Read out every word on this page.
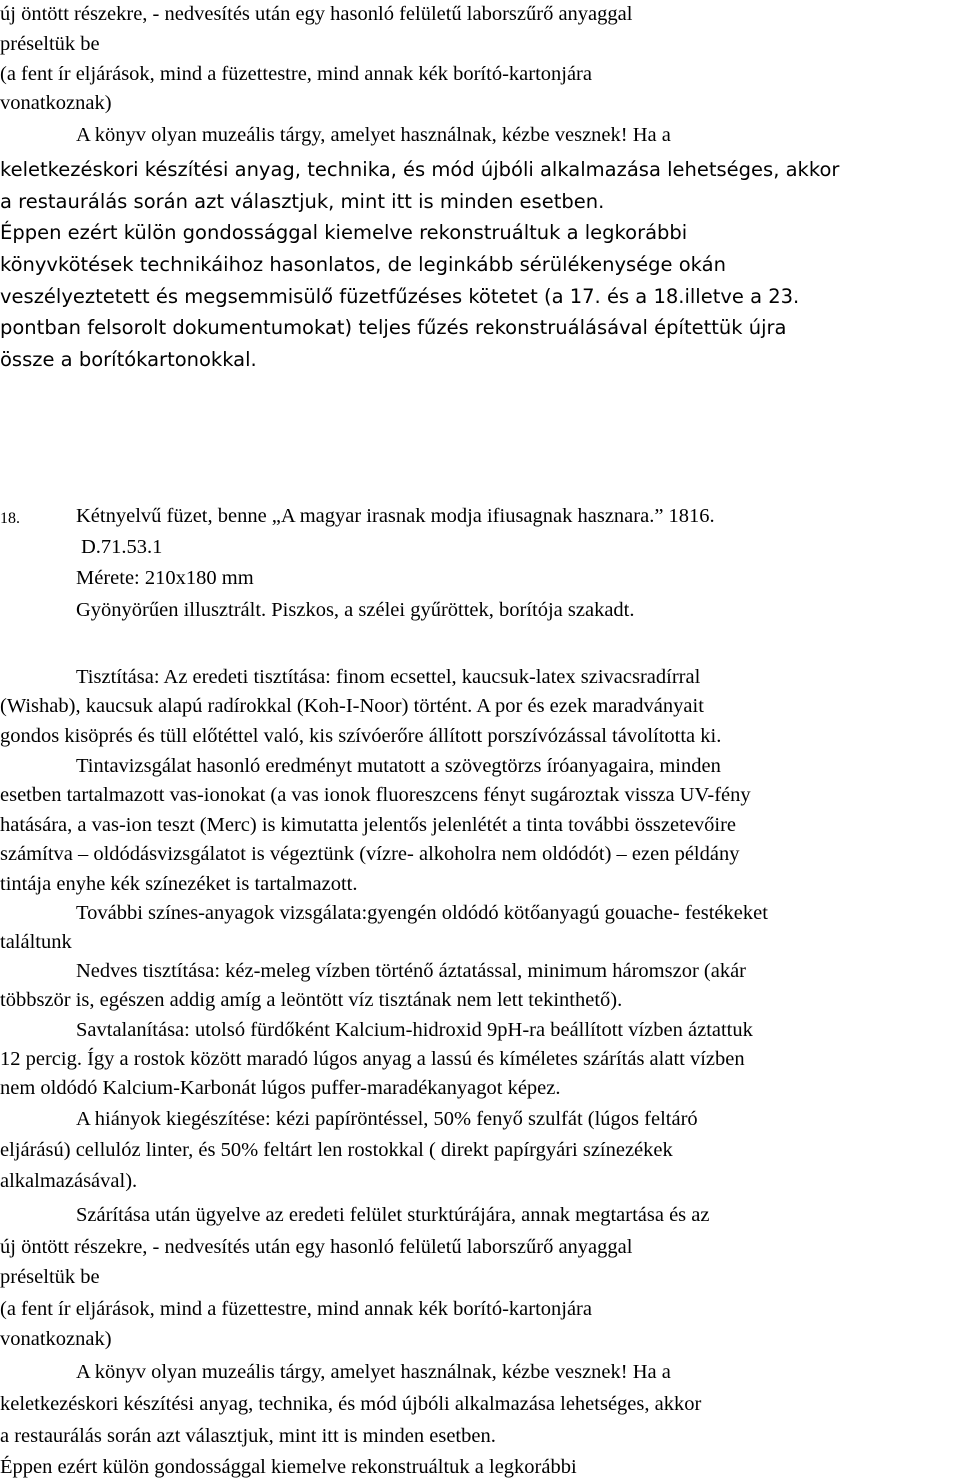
új öntött részekre, - nedvesítés után egy hasonló felületű laborszűrő anyaggal

préseltük be

(a fent ír eljárások, mind a füzettestre, mind annak kék borító-kartonjára

vonatkoznak)

A könyv olyan muzeális tárgy, amelyet használnak, kézbe vesznek! Ha a

keletkezéskori készítési anyag, technika, és mód újbóli alkalmazása lehetséges, akkor

a restaurálás során azt választjuk, mint itt is minden esetben.

Éppen ezért külön gondossággal kiemelve rekonstruáltuk a legkorábbi

könyvkötések technikáihoz hasonlatos, de leginkább sérülékenysége okán

veszélyeztetett és megsemmisülő füzetfűzéses kötetet (a 17. és a 18.illetve a 23.

pontban felsorolt dokumentumokat) teljes fűzés rekonstruálásával építettük újra

össze a borítókartonokkal.

18.	Kétnyelvű füzet, benne „A magyar irasnak modja ifiusagnak hasznara.” 1816.

D.71.53.1

Mérete: 210x180 mm

Gyönyörűen illusztrált. Piszkos, a szélei gyűröttek, borítója szakadt.

Tisztítása: Az eredeti tisztítása: finom ecsettel, kaucsuk-latex szivacsradírral

(Wishab), kaucsuk alapú radírokkal (Koh-I-Noor) történt. A por és ezek maradványait

gondos kisöprés és tüll előtéttel való, kis szívóerőre állított porszívózással távolította ki.

Tintavizsgálat hasonló eredményt mutatott a szövegtörzs íróanyagaira, minden

esetben tartalmazott vas-ionokat (a vas ionok fluoreszcens fényt sugároztak vissza UV-fény

hatására, a vas-ion teszt (Merc) is kimutatta jelentős jelenlétét a tinta további összetevőire

számítva – oldódásvizsgálatot is végeztünk (vízre- alkoholra nem oldódót) – ezen példány

tintája enyhe kék színezéket is tartalmazott.

További színes-anyagok vizsgálata:gyengén oldódó kötőanyagú gouache- festékeket

találtunk

Nedves tisztítása: kéz-meleg vízben történő áztatással, minimum háromszor (akár

többször is, egészen addig amíg a leöntött víz tisztának nem lett tekinthető).

Savtalanítása: utolsó fürdőként Kalcium-hidroxid 9pH-ra beállított vízben áztattuk

12 percig. Így a rostok között maradó lúgos anyag a lassú és kíméletes szárítás alatt vízben

nem oldódó Kalcium-Karbonát lúgos puffer-maradékanyagot képez.

A hiányok kiegészítése: kézi papíröntéssel, 50% fenyő szulfát (lúgos feltáró

eljárású) cellulóz linter, és 50% feltárt len rostokkal ( direkt papírgyári színezékek

alkalmazásával).

Szárítása után ügyelve az eredeti felület sturktúrájára, annak megtartása és az

új öntött részekre, - nedvesítés után egy hasonló felületű laborszűrő anyaggal

préseltük be

(a fent ír eljárások, mind a füzettestre, mind annak kék borító-kartonjára

vonatkoznak)

A könyv olyan muzeális tárgy, amelyet használnak, kézbe vesznek! Ha a

keletkezéskori készítési anyag, technika, és mód újbóli alkalmazása lehetséges, akkor

a restaurálás során azt választjuk, mint itt is minden esetben.

Éppen ezért külön gondossággal kiemelve rekonstruáltuk a legkorábbi
